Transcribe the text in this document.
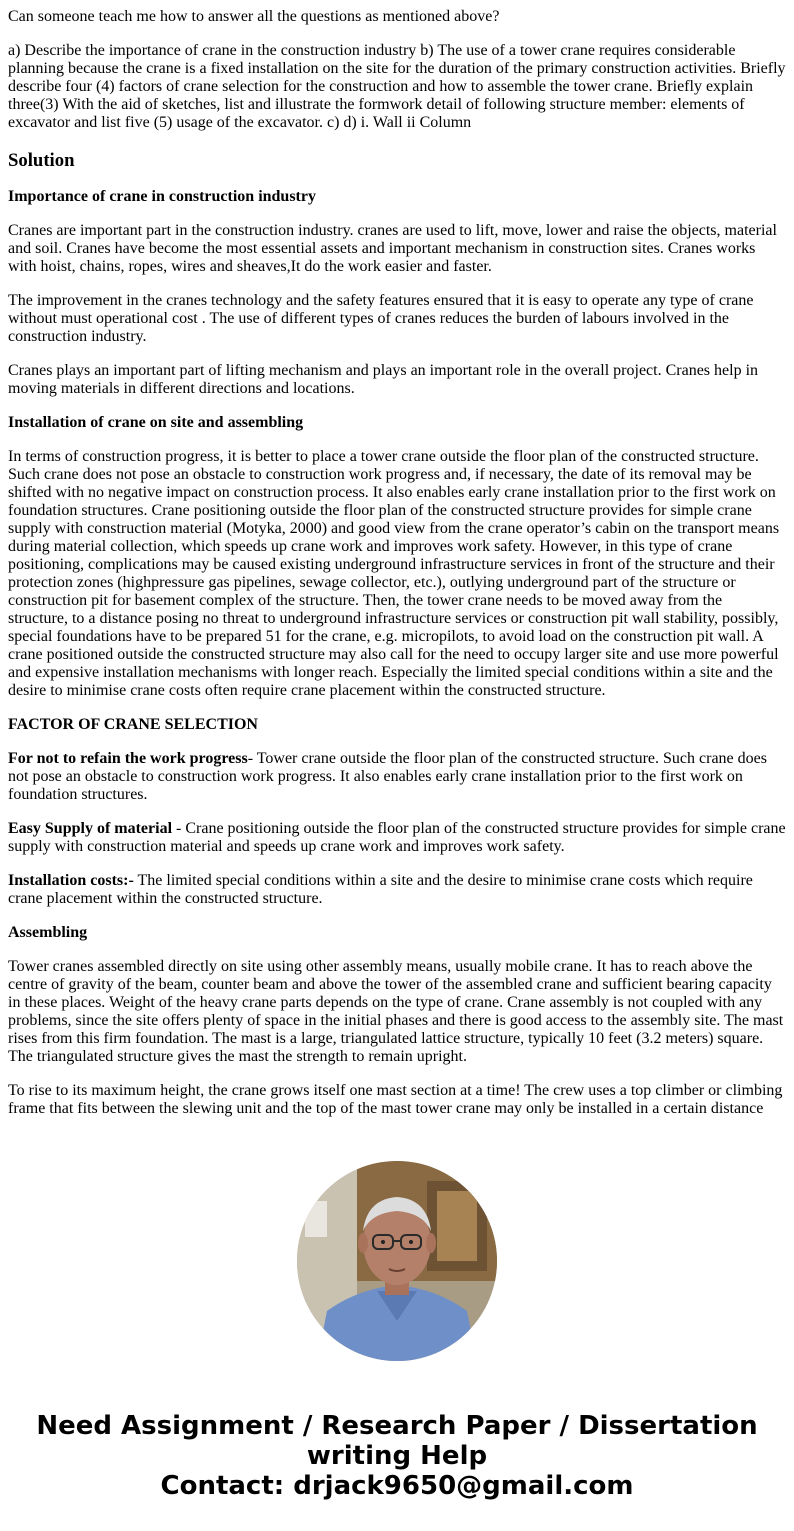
Can someone teach me how to answer all the questions as mentioned above?

a) Describe the importance of crane in the construction industry b) The use of a tower crane requires considerable planning because the crane is a fixed installation on the site for the duration of the primary construction activities. Briefly describe four (4) factors of crane selection for the construction and how to assemble the tower crane. Briefly explain three(3) With the aid of sketches, list and illustrate the formwork detail of following structure member: elements of excavator and list five (5) usage of the excavator. c) d) i. Wall ii Column

Solution

Importance of crane in construction industry

Cranes are important part in the construction industry. cranes are used to lift, move, lower and raise the objects, material and soil. Cranes have become the most essential assets and important mechanism in construction sites. Cranes works with hoist, chains, ropes, wires and sheaves,It do the work easier and faster.

The improvement in the cranes technology and the safety features ensured that it is easy to operate any type of crane without must operational cost . The use of different types of cranes reduces the burden of labours involved in the construction industry.

Cranes plays an important part of lifting mechanism and plays an important role in the overall project. Cranes help in moving materials in different directions and locations.

Installation of crane on site and assembling

In terms of construction progress, it is better to place a tower crane outside the floor plan of the constructed structure. Such crane does not pose an obstacle to construction work progress and, if necessary, the date of its removal may be shifted with no negative impact on construction process. It also enables early crane installation prior to the first work on foundation structures. Crane positioning outside the floor plan of the constructed structure provides for simple crane supply with construction material (Motyka, 2000) and good view from the crane operator’s cabin on the transport means during material collection, which speeds up crane work and improves work safety. However, in this type of crane positioning, complications may be caused existing underground infrastructure services in front of the structure and their protection zones (highpressure gas pipelines, sewage collector, etc.), outlying underground part of the structure or construction pit for basement complex of the structure. Then, the tower crane needs to be moved away from the structure, to a distance posing no threat to underground infrastructure services or construction pit wall stability, possibly, special foundations have to be prepared 51 for the crane, e.g. micropilots, to avoid load on the construction pit wall. A crane positioned outside the constructed structure may also call for the need to occupy larger site and use more powerful and expensive installation mechanisms with longer reach. Especially the limited special conditions within a site and the desire to minimise crane costs often require crane placement within the constructed structure.

FACTOR OF CRANE SELECTION

For not to refain the work progress- Tower crane outside the floor plan of the constructed structure. Such crane does not pose an obstacle to construction work progress. It also enables early crane installation prior to the first work on foundation structures.

Easy Supply of material - Crane positioning outside the floor plan of the constructed structure provides for simple crane supply with construction material and speeds up crane work and improves work safety.

Installation costs:- The limited special conditions within a site and the desire to minimise crane costs which require crane placement within the constructed structure.

Assembling

Tower cranes assembled directly on site using other assembly means, usually mobile crane. It has to reach above the centre of gravity of the beam, counter beam and above the tower of the assembled crane and sufficient bearing capacity in these places. Weight of the heavy crane parts depends on the type of crane. Crane assembly is not coupled with any problems, since the site offers plenty of space in the initial phases and there is good access to the assembly site. The mast rises from this firm foundation. The mast is a large, triangulated lattice structure, typically 10 feet (3.2 meters) square. The triangulated structure gives the mast the strength to remain upright.

To rise to its maximum height, the crane grows itself one mast section at a time! The crew uses a top climber or climbing frame that fits between the slewing unit and the top of the mast tower crane may only be installed in a certain distance

Need Assignment / Research Paper / Dissertation writing Help
Contact: drjack9650@gmail.com
